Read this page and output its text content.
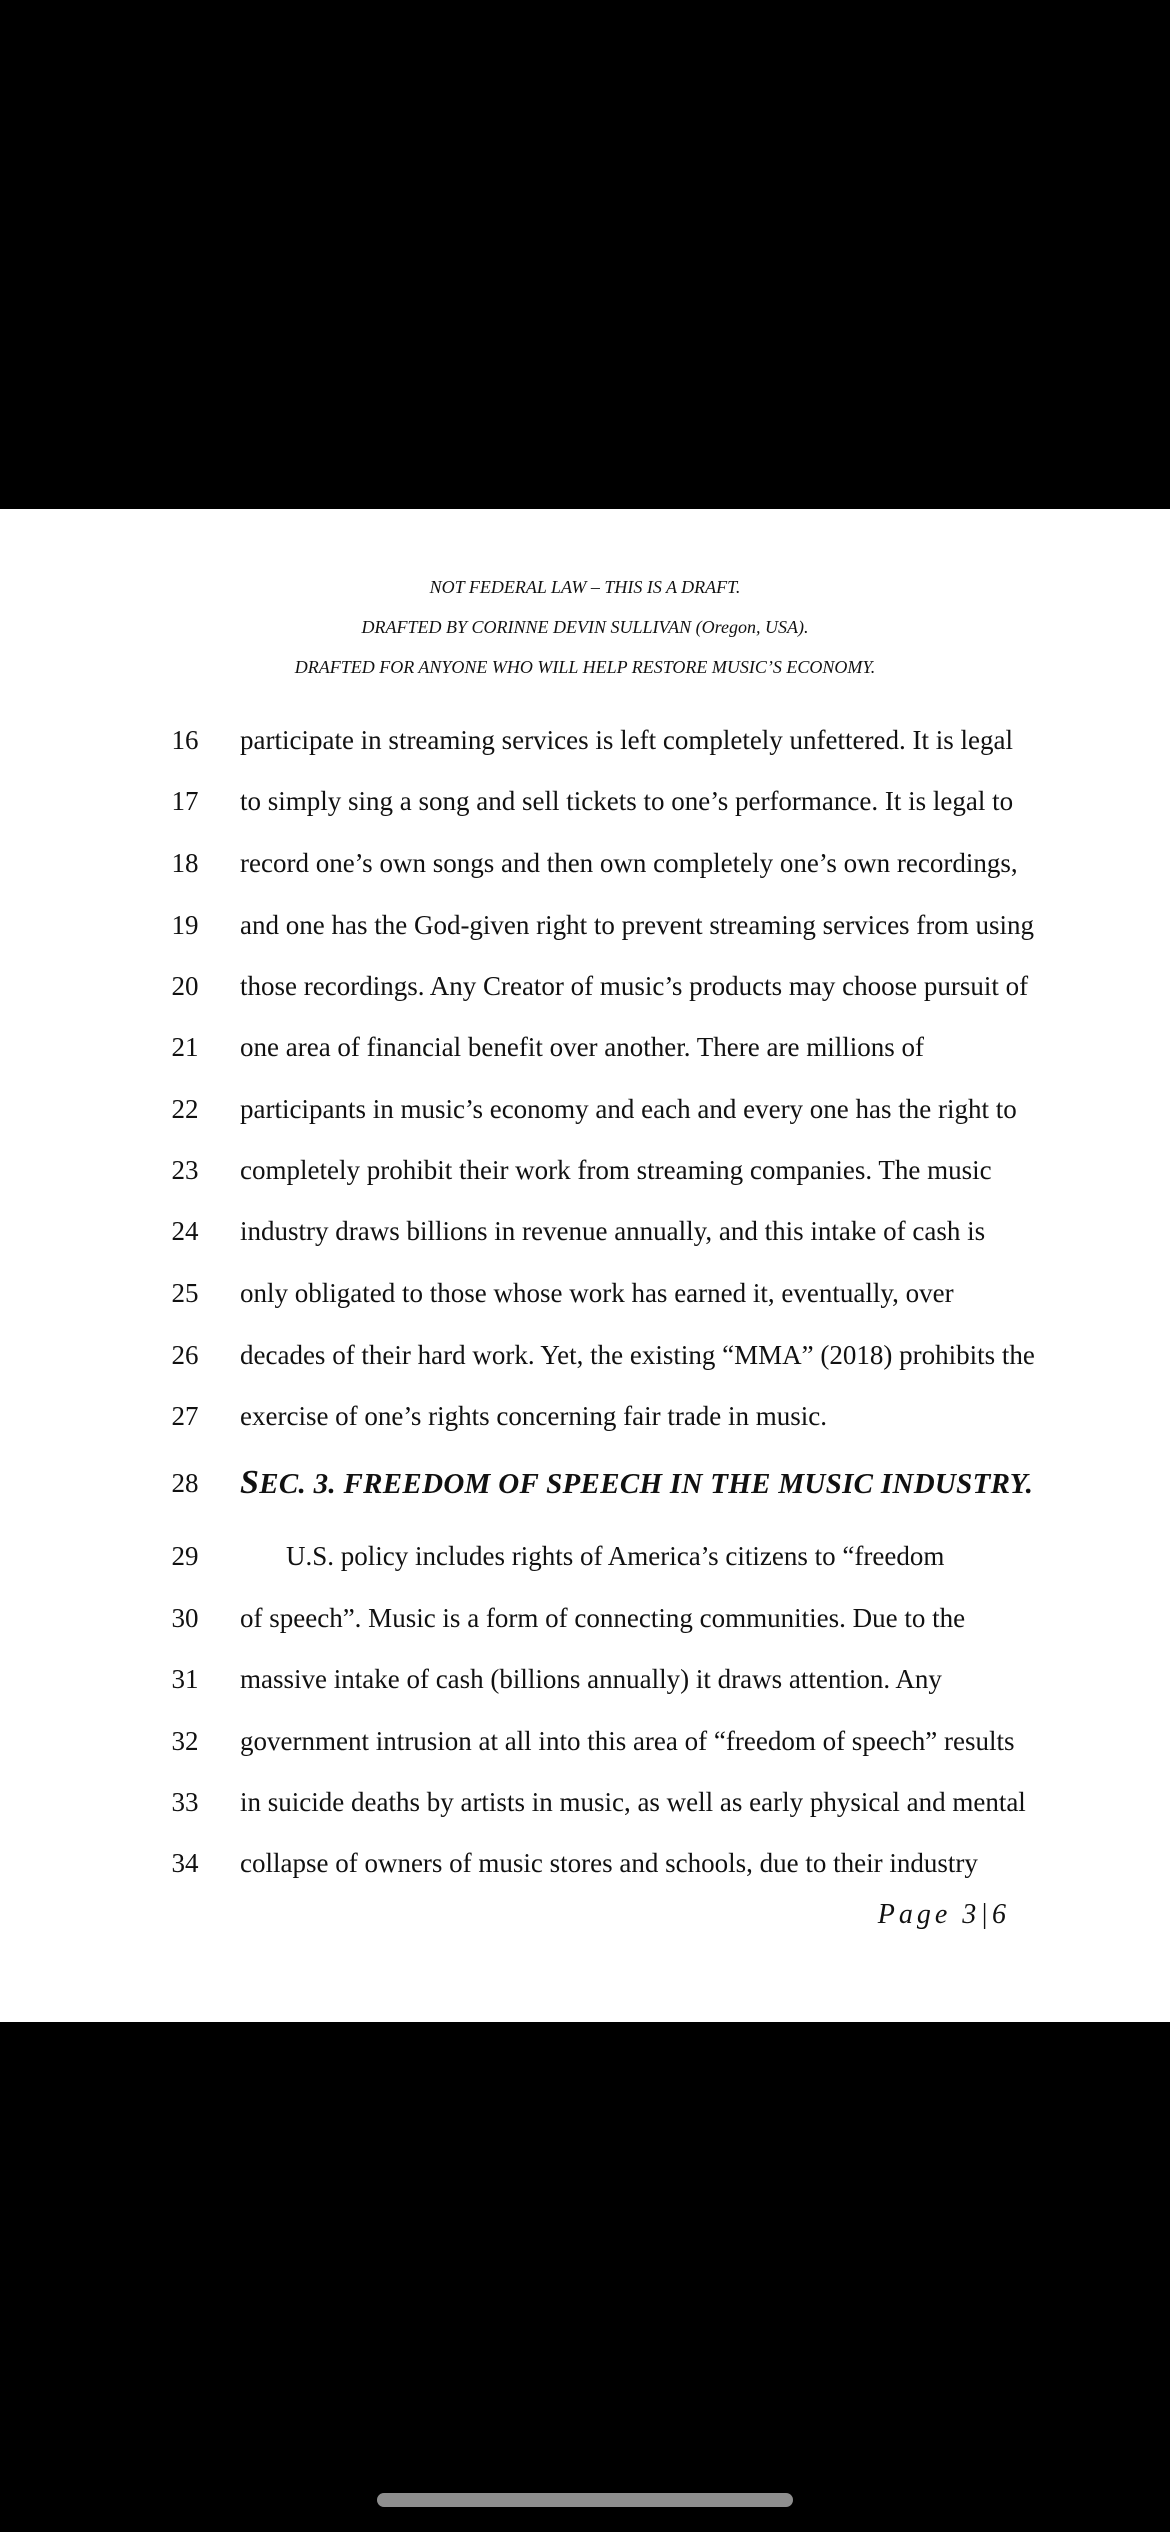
NOT FEDERAL LAW – THIS IS A DRAFT.
DRAFTED BY CORINNE DEVIN SULLIVAN (Oregon, USA).
DRAFTED FOR ANYONE WHO WILL HELP RESTORE MUSIC’S ECONOMY.
16	participate in streaming services is left completely unfettered. It is legal
17	to simply sing a song and sell tickets to one’s performance. It is legal to
18	record one’s own songs and then own completely one’s own recordings,
19	and one has the God-given right to prevent streaming services from using
20	those recordings. Any Creator of music’s products may choose pursuit of
21	one area of financial benefit over another. There are millions of
22	participants in music’s economy and each and every one has the right to
23	completely prohibit their work from streaming companies. The music
24	industry draws billions in revenue annually, and this intake of cash is
25	only obligated to those whose work has earned it, eventually, over
26	decades of their hard work. Yet, the existing “MMA” (2018) prohibits the
27	exercise of one’s rights concerning fair trade in music.
28	SEC. 3. FREEDOM OF SPEECH IN THE MUSIC INDUSTRY.
29	U.S. policy includes rights of America’s citizens to “freedom
30	of speech”. Music is a form of connecting communities. Due to the
31	massive intake of cash (billions annually) it draws attention. Any
32	government intrusion at all into this area of “freedom of speech” results
33	in suicide deaths by artists in music, as well as early physical and mental
34	collapse of owners of music stores and schools, due to their industry
Page 3|6
